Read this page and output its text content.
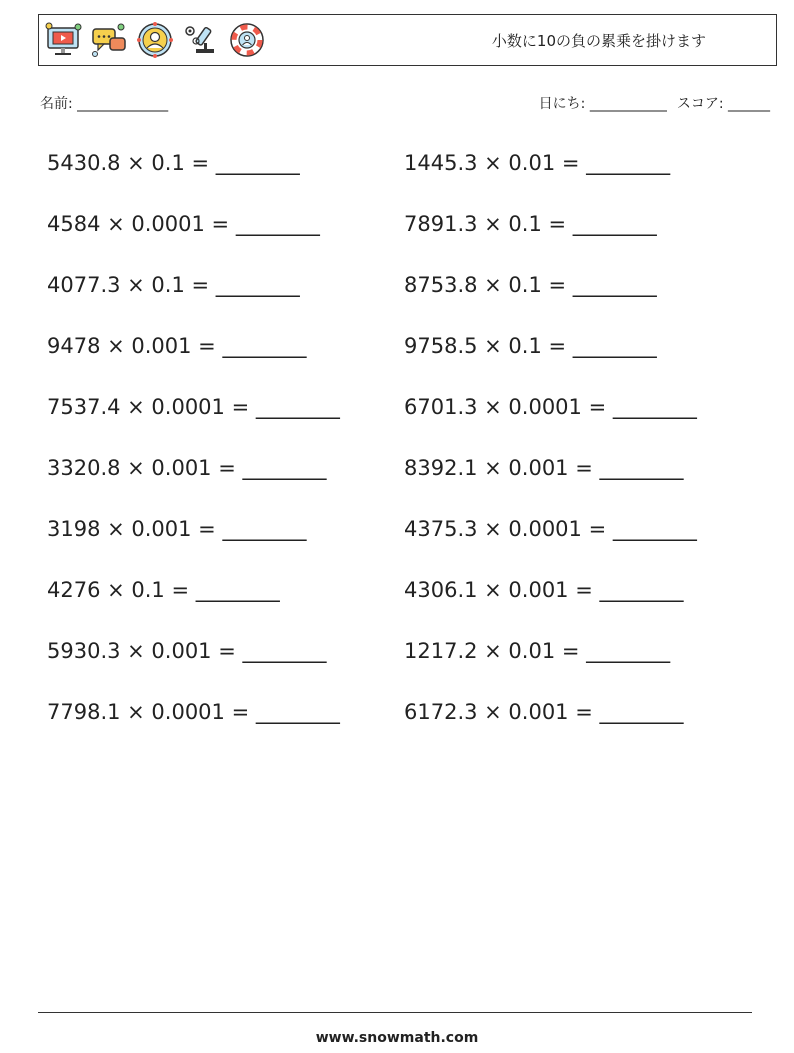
小数に10の負の累乗を掛けます
名前: _____________	日にち: ___________ スコア: ______
5430.8 × 0.1 = ________	1445.3 × 0.01 = ________
4584 × 0.0001 = ________	7891.3 × 0.1 = ________
4077.3 × 0.1 = ________	8753.8 × 0.1 = ________
9478 × 0.001 = ________	9758.5 × 0.1 = ________
7537.4 × 0.0001 = ________	6701.3 × 0.0001 = ________
3320.8 × 0.001 = ________	8392.1 × 0.001 = ________
3198 × 0.001 = ________	4375.3 × 0.0001 = ________
4276 × 0.1 = ________	4306.1 × 0.001 = ________
5930.3 × 0.001 = ________	1217.2 × 0.01 = ________
7798.1 × 0.0001 = ________	6172.3 × 0.001 = ________
www.snowmath.com
